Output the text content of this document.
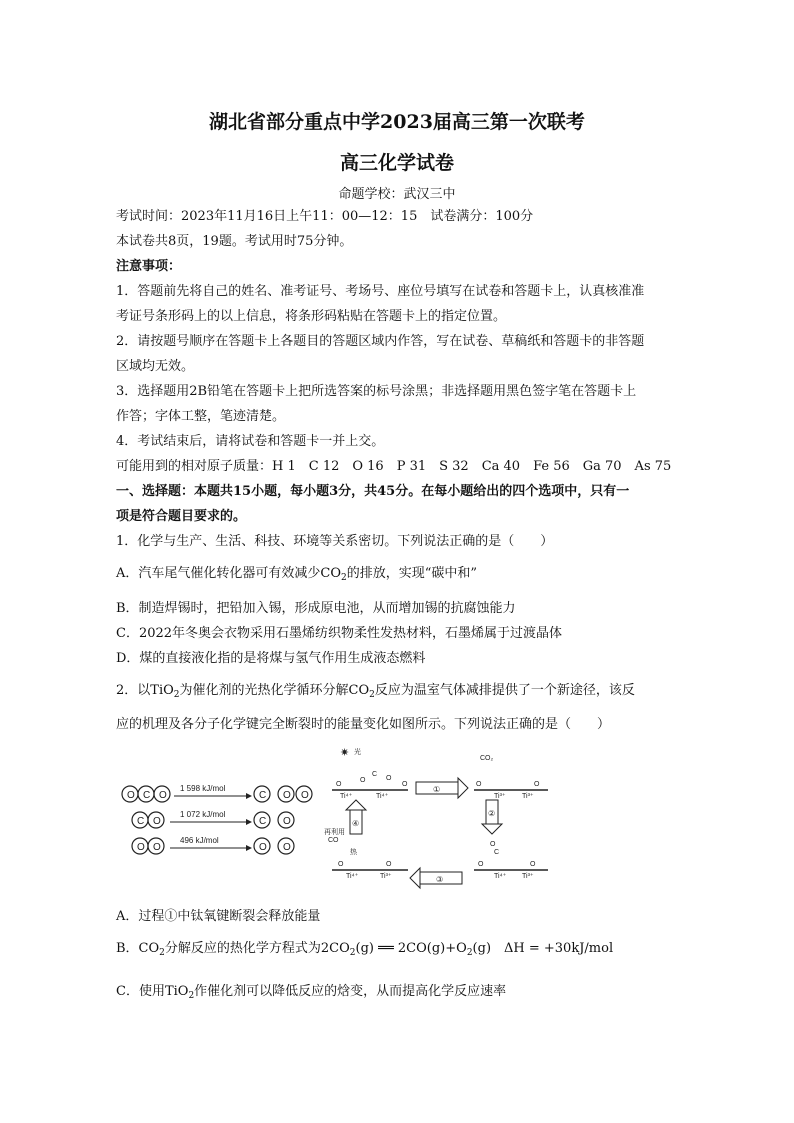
湖北省部分重点中学2023届高三第一次联考
高三化学试卷
命题学校：武汉三中
考试时间：2023年11月16日上午11：00—12：15　试卷满分：100分
本试卷共8页，19题。考试用时75分钟。
注意事项：
1．答题前先将自己的姓名、准考证号、考场号、座位号填写在试卷和答题卡上，认真核准准
考证号条形码上的以上信息，将条形码粘贴在答题卡上的指定位置。
2．请按题号顺序在答题卡上各题目的答题区域内作答，写在试卷、草稿纸和答题卡的非答题
区域均无效。
3．选择题用2B铅笔在答题卡上把所选答案的标号涂黑；非选择题用黑色签字笔在答题卡上
作答；字体工整，笔迹清楚。
4．考试结束后，请将试卷和答题卡一并上交。
可能用到的相对原子质量：H 1　C 12　O 16　P 31　S 32　Ca 40　Fe 56　Ga 70　As 75
一、选择题：本题共15小题，每小题3分，共45分。在每小题给出的四个选项中，只有一
项是符合题目要求的。
1．化学与生产、生活、科技、环境等关系密切。下列说法正确的是（　　）
A．汽车尾气催化转化器可有效减少$CO_2$的排放，实现“碳中和”
B．制造焊锡时，把铅加入锡，形成原电池，从而增加锡的抗腐蚀能力
C．2022年冬奥会衣物采用石墨烯纺织物柔性发热材料，石墨烯属于过渡晶体
D．煤的直接液化指的是将煤与氢气作用生成液态燃料
2．以TiO$_2$为催化剂的光热化学循环分解$CO_2$反应为温室气体减排提供了一个新途径，该反
应的机理及各分子化学键完全断裂时的能量变化如图所示。下列说法正确的是（　　）
O C O
1 598 kJ/mol
C O O
C O
1 072 kJ/mol
C O
O O
496 kJ/mol
O O
✷ 光
O
O
C
O
Ti⁴⁺	Ti⁴⁺
O
①
CO₂
O	O
Ti³⁺ Ti³⁺
②
O
C
O	O
Ti⁴⁺ Ti³⁺
③
再利用
CO
热
O	O
Ti⁴⁺	Ti³⁺
④
A．过程①中钛氧键断裂会释放能量
B．$CO_2$分解反应的热化学方程式为$2CO_2(g)$ ══ $2CO(g)+O_2(g)$　ΔH = +30kJ/mol
C．使用TiO$_2$作催化剂可以降低反应的焓变，从而提高化学反应速率
